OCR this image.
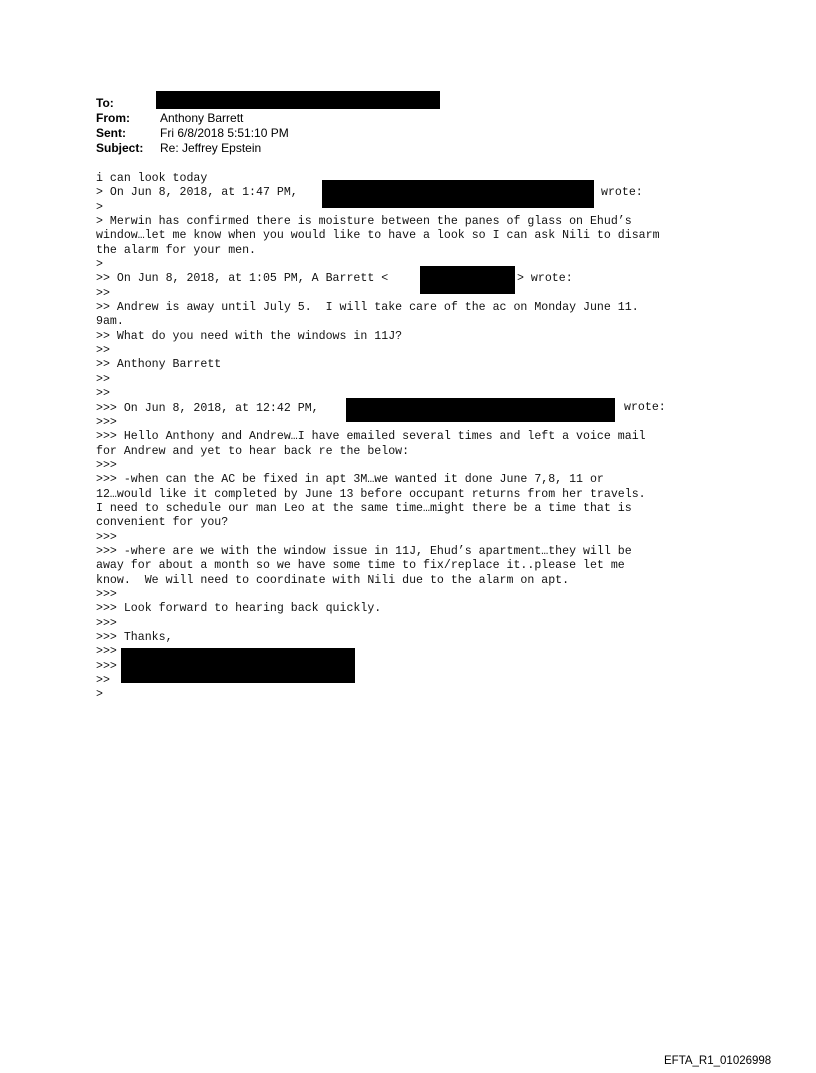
To:
From:	Anthony Barrett
Sent:	Fri 6/8/2018 5:51:10 PM
Subject: Re: Jeffrey Epstein
i can look today
> On Jun 8, 2018, at 1:47 PM,
>
> Merwin has confirmed there is moisture between the panes of glass on Ehud’s
window…let me know when you would like to have a look so I can ask Nili to disarm
the alarm for your men.
>
>> On Jun 8, 2018, at 1:05 PM, A Barrett <
>>
>> Andrew is away until July 5.  I will take care of the ac on Monday June 11.
9am.
>> What do you need with the windows in 11J?
>>
>> Anthony Barrett
>>
>>
>>> On Jun 8, 2018, at 12:42 PM,
>>>
>>> Hello Anthony and Andrew…I have emailed several times and left a voice mail
for Andrew and yet to hear back re the below:
>>>
>>> -when can the AC be fixed in apt 3M…we wanted it done June 7,8, 11 or
12…would like it completed by June 13 before occupant returns from her travels.
I need to schedule our man Leo at the same time…might there be a time that is
convenient for you?
>>>
>>> -where are we with the window issue in 11J, Ehud’s apartment…they will be
away for about a month so we have some time to fix/replace it..please let me
know.  We will need to coordinate with Nili due to the alarm on apt.
>>>
>>> Look forward to hearing back quickly.
>>>
>>> Thanks,
>>>
>>>
>>
>
wrote:
> wrote:
wrote:
EFTA_R1_01026998
